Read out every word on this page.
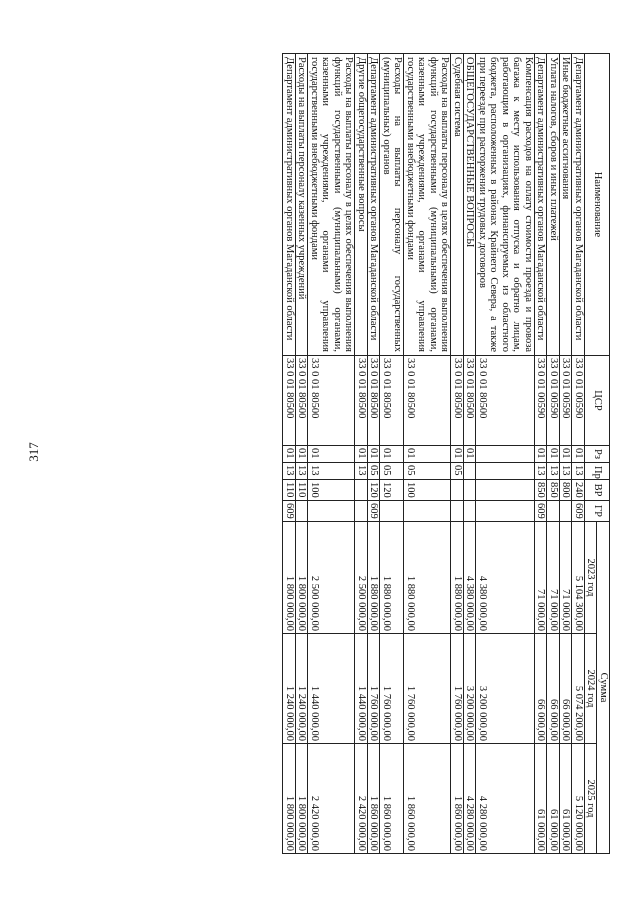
317
Наименование	ЦСР	Рз	Пр	ВР	ГР	Сумма		
						2023 год	2024 год	2025 год
Департамент административных органов Магаданской области	33 0 01 00590	01	13	240	609	5 104 300,00	5 074 200,00	5 120 000,00
Иные бюджетные ассигнования	33 0 01 00590	01	13	800		71 000,00	66 000,00	61 000,00
Уплата налогов, сборов и иных платежей	33 0 01 00590	01	13	850		71 000,00	66 000,00	61 000,00
Департамент административных органов Магаданской области	33 0 01 00590	01	13	850	609	71 000,00	66 000,00	61 000,00
Компенсация расходов на оплату стоимости проезда и провоза багажа к месту использования отпуска и обратно лицам, работающим в организациях, финансируемых из областного бюджета, расположенных в районах Крайнего Севера, а также при переезде при расторжении трудовых договоров	33 0 01 80500					4 380 000,00	3 200 000,00	4 280 000,00
ОБЩЕГОСУДАРСТВЕННЫЕ ВОПРОСЫ	33 0 01 80500	01				4 380 000,00	3 200 000,00	4 280 000,00
Судебная система	33 0 01 80500	01	05			1 880 000,00	1 760 000,00	1 860 000,00
Расходы на выплаты персоналу в целях обеспечения выполнения функций государственными (муниципальными) органами, казенными учреждениями, органами управления государственными внебюджетными фондами	33 0 01 80500	01	05	100		1 880 000,00	1 760 000,00	1 860 000,00
Расходы на выплаты персоналу государственных (муниципальных) органов	33 0 01 80500	01	05	120		1 880 000,00	1 760 000,00	1 860 000,00
Департамент административных органов Магаданской области	33 0 01 80500	01	05	120	609	1 880 000,00	1 760 000,00	1 860 000,00
Другие общегосударственные вопросы	33 0 01 80500	01	13			2 500 000,00	1 440 000,00	2 420 000,00
Расходы на выплаты персоналу в целях обеспечения выполнения функций государственными (муниципальными) органами, казенными учреждениями, органами управления государственными внебюджетными фондами	33 0 01 80500	01	13	100		2 500 000,00	1 440 000,00	2 420 000,00
Расходы на выплаты персоналу казенных учреждений	33 0 01 80500	01	13	110		1 800 000,00	1 240 000,00	1 800 000,00
Департамент административных органов Магаданской области	33 0 01 80500	01	13	110	609	1 800 000,00	1 240 000,00	1 800 000,00
